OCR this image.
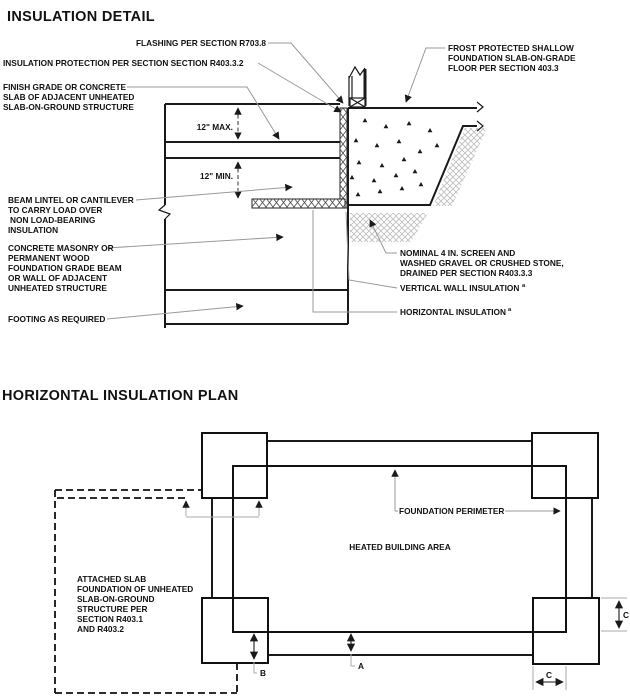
INSULATION DETAIL
12" MAX.
12" MIN.
FLASHING PER SECTION R703.8
INSULATION PROTECTION PER SECTION SECTION R403.3.2
FINISH GRADE OR CONCRETE
SLAB OF ADJACENT UNHEATED
SLAB-ON-GROUND STRUCTURE
BEAM LINTEL OR CANTILEVER
TO CARRY LOAD OVER
NON LOAD-BEARING
INSULATION
CONCRETE MASONRY OR
PERMANENT WOOD
FOUNDATION GRADE BEAM
OR WALL OF ADJACENT
UNHEATED STRUCTURE
FOOTING AS REQUIRED
FROST PROTECTED SHALLOW
FOUNDATION SLAB-ON-GRADE
FLOOR PER SECTION 403.3
NOMINAL 4 IN. SCREEN AND
WASHED GRAVEL OR CRUSHED STONE,
DRAINED PER SECTION R403.3.3
VERTICAL WALL INSULATION a
HORIZONTAL INSULATION a
HORIZONTAL INSULATION PLAN
FOUNDATION PERIMETER
HEATED BUILDING AREA
ATTACHED SLAB
FOUNDATION OF UNHEATED
SLAB-ON-GROUND
STRUCTURE PER
SECTION R403.1
AND R403.2
A
B
C
C
